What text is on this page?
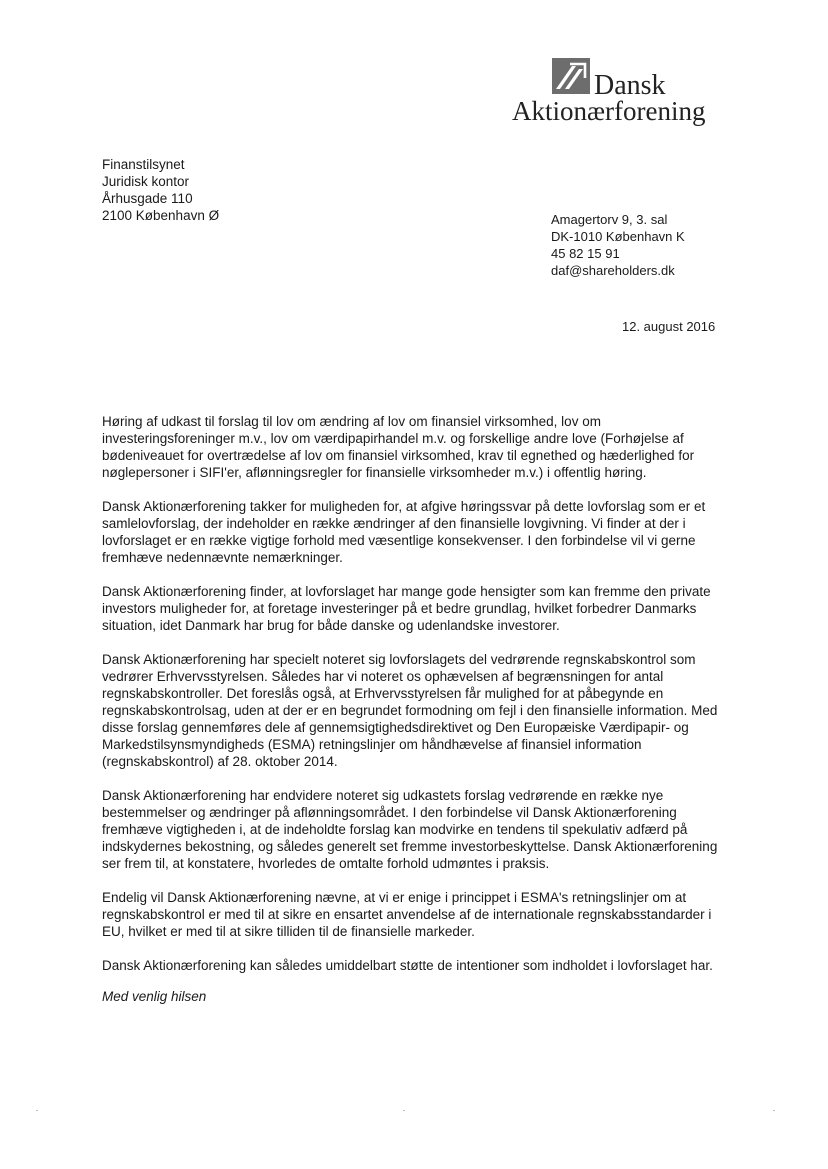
Dansk
Aktionærforening
Finanstilsynet
Juridisk kontor
Århusgade 110
2100 København Ø	Amagertorv 9, 3. sal
DK-1010 København K
45 82 15 91
daf@shareholders.dk
12. august 2016

Høring af udkast til forslag til lov om ændring af lov om finansiel virksomhed, lov om investeringsforeninger m.v., lov om værdipapirhandel m.v. og forskellige andre love (Forhøjelse af bødeniveauet for overtrædelse af lov om finansiel virksomhed, krav til egnethed og hæderlighed for nøglepersoner i SIFI'er, aflønningsregler for finansielle virksomheder m.v.) i offentlig høring.

Dansk Aktionærforening takker for muligheden for, at afgive høringssvar på dette lovforslag som er et samlelovforslag, der indeholder en række ændringer af den finansielle lovgivning. Vi finder at der i lovforslaget er en række vigtige forhold med væsentlige konsekvenser. I den forbindelse vil vi gerne fremhæve nedennævnte nemærkninger.

Dansk Aktionærforening finder, at lovforslaget har mange gode hensigter som kan fremme den private investors muligheder for, at foretage investeringer på et bedre grundlag, hvilket forbedrer Danmarks situation, idet Danmark har brug for både danske og udenlandske investorer.

Dansk Aktionærforening har specielt noteret sig lovforslagets del vedrørende regnskabskontrol som vedrører Erhvervsstyrelsen. Således har vi noteret os ophævelsen af begrænsningen for antal regnskabskontroller. Det foreslås også, at Erhvervsstyrelsen får mulighed for at påbegynde en regnskabskontrolsag, uden at der er en begrundet formodning om fejl i den finansielle information. Med disse forslag gennemføres dele af gennemsigtighedsdirektivet og Den Europæiske Værdipapir- og Markedstilsynsmyndigheds (ESMA) retningslinjer om håndhævelse af finansiel information (regnskabskontrol) af 28. oktober 2014.

Dansk Aktionærforening har endvidere noteret sig udkastets forslag vedrørende en række nye bestemmelser og ændringer på aflønningsområdet. I den forbindelse vil Dansk Aktionærforening fremhæve vigtigheden i, at de indeholdte forslag kan modvirke en tendens til spekulativ adfærd på indskydernes bekostning, og således generelt set fremme investorbeskyttelse. Dansk Aktionærforening ser frem til, at konstatere, hvorledes de omtalte forhold udmøntes i praksis.

Endelig vil Dansk Aktionærforening nævne, at vi er enige i princippet i ESMA's retningslinjer om at regnskabskontrol er med til at sikre en ensartet anvendelse af de internationale regnskabsstandarder i EU, hvilket er med til at sikre tilliden til de finansielle markeder.

Dansk Aktionærforening kan således umiddelbart støtte de intentioner som indholdet i lovforslaget har.

Med venlig hilsen
